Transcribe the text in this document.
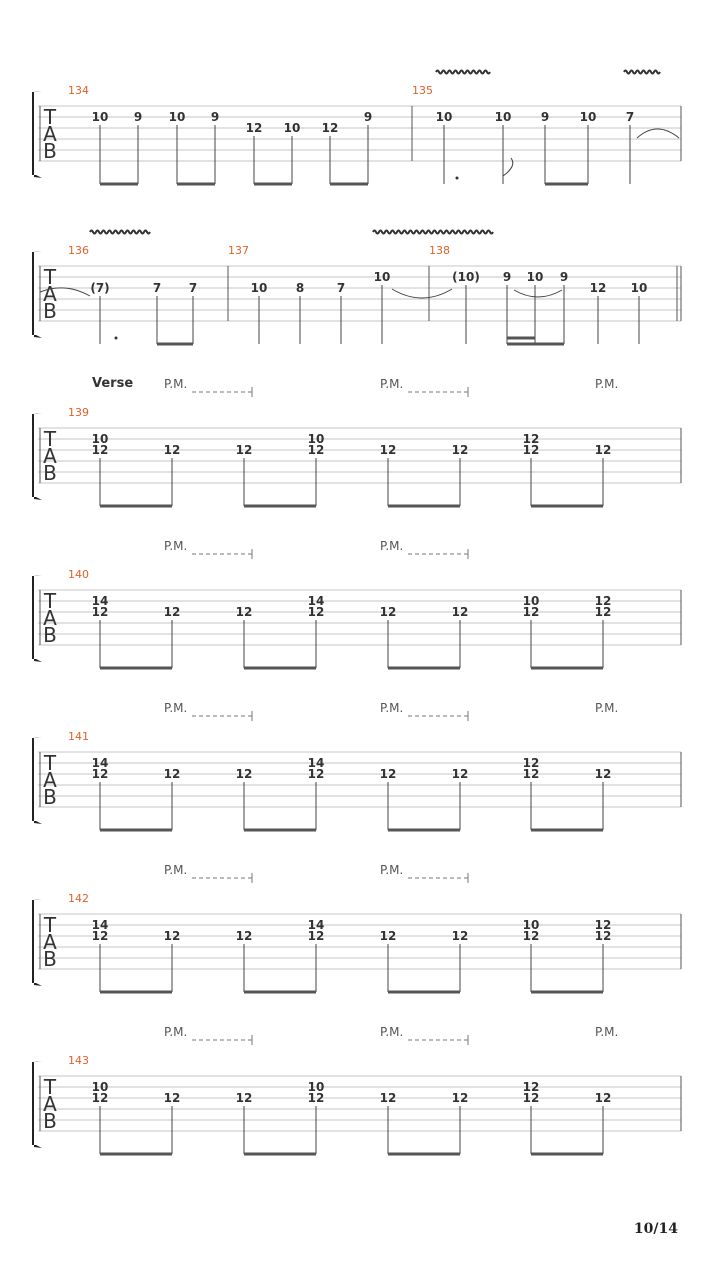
T
A
B
134	135
10 9 10 9
12 10 12
9	10	10 9	10 7
T
A
B
136	137	138
(7)	7 7	10 8	7
10	(10) 9 10 9
12 10
T
A
B
139
10
12	12	12
10
12	12	12
12
12	12
T
A
B
140
14
12	12	12
14
12	12	12
10
12
12
12
T
A
B
141
14
12	12	12
14
12	12	12
12
12	12
T
A
B
142
14
12	12	12
14
12	12	12
10
12
12
12
T
A
B
143
10
12	12	12
10
12	12	12
12
12	12
Verse	P.M.	P.M.	P.M.
P.M.	P.M.
P.M.	P.M.	P.M.
P.M.	P.M.
P.M.	P.M.	P.M.
10/14
